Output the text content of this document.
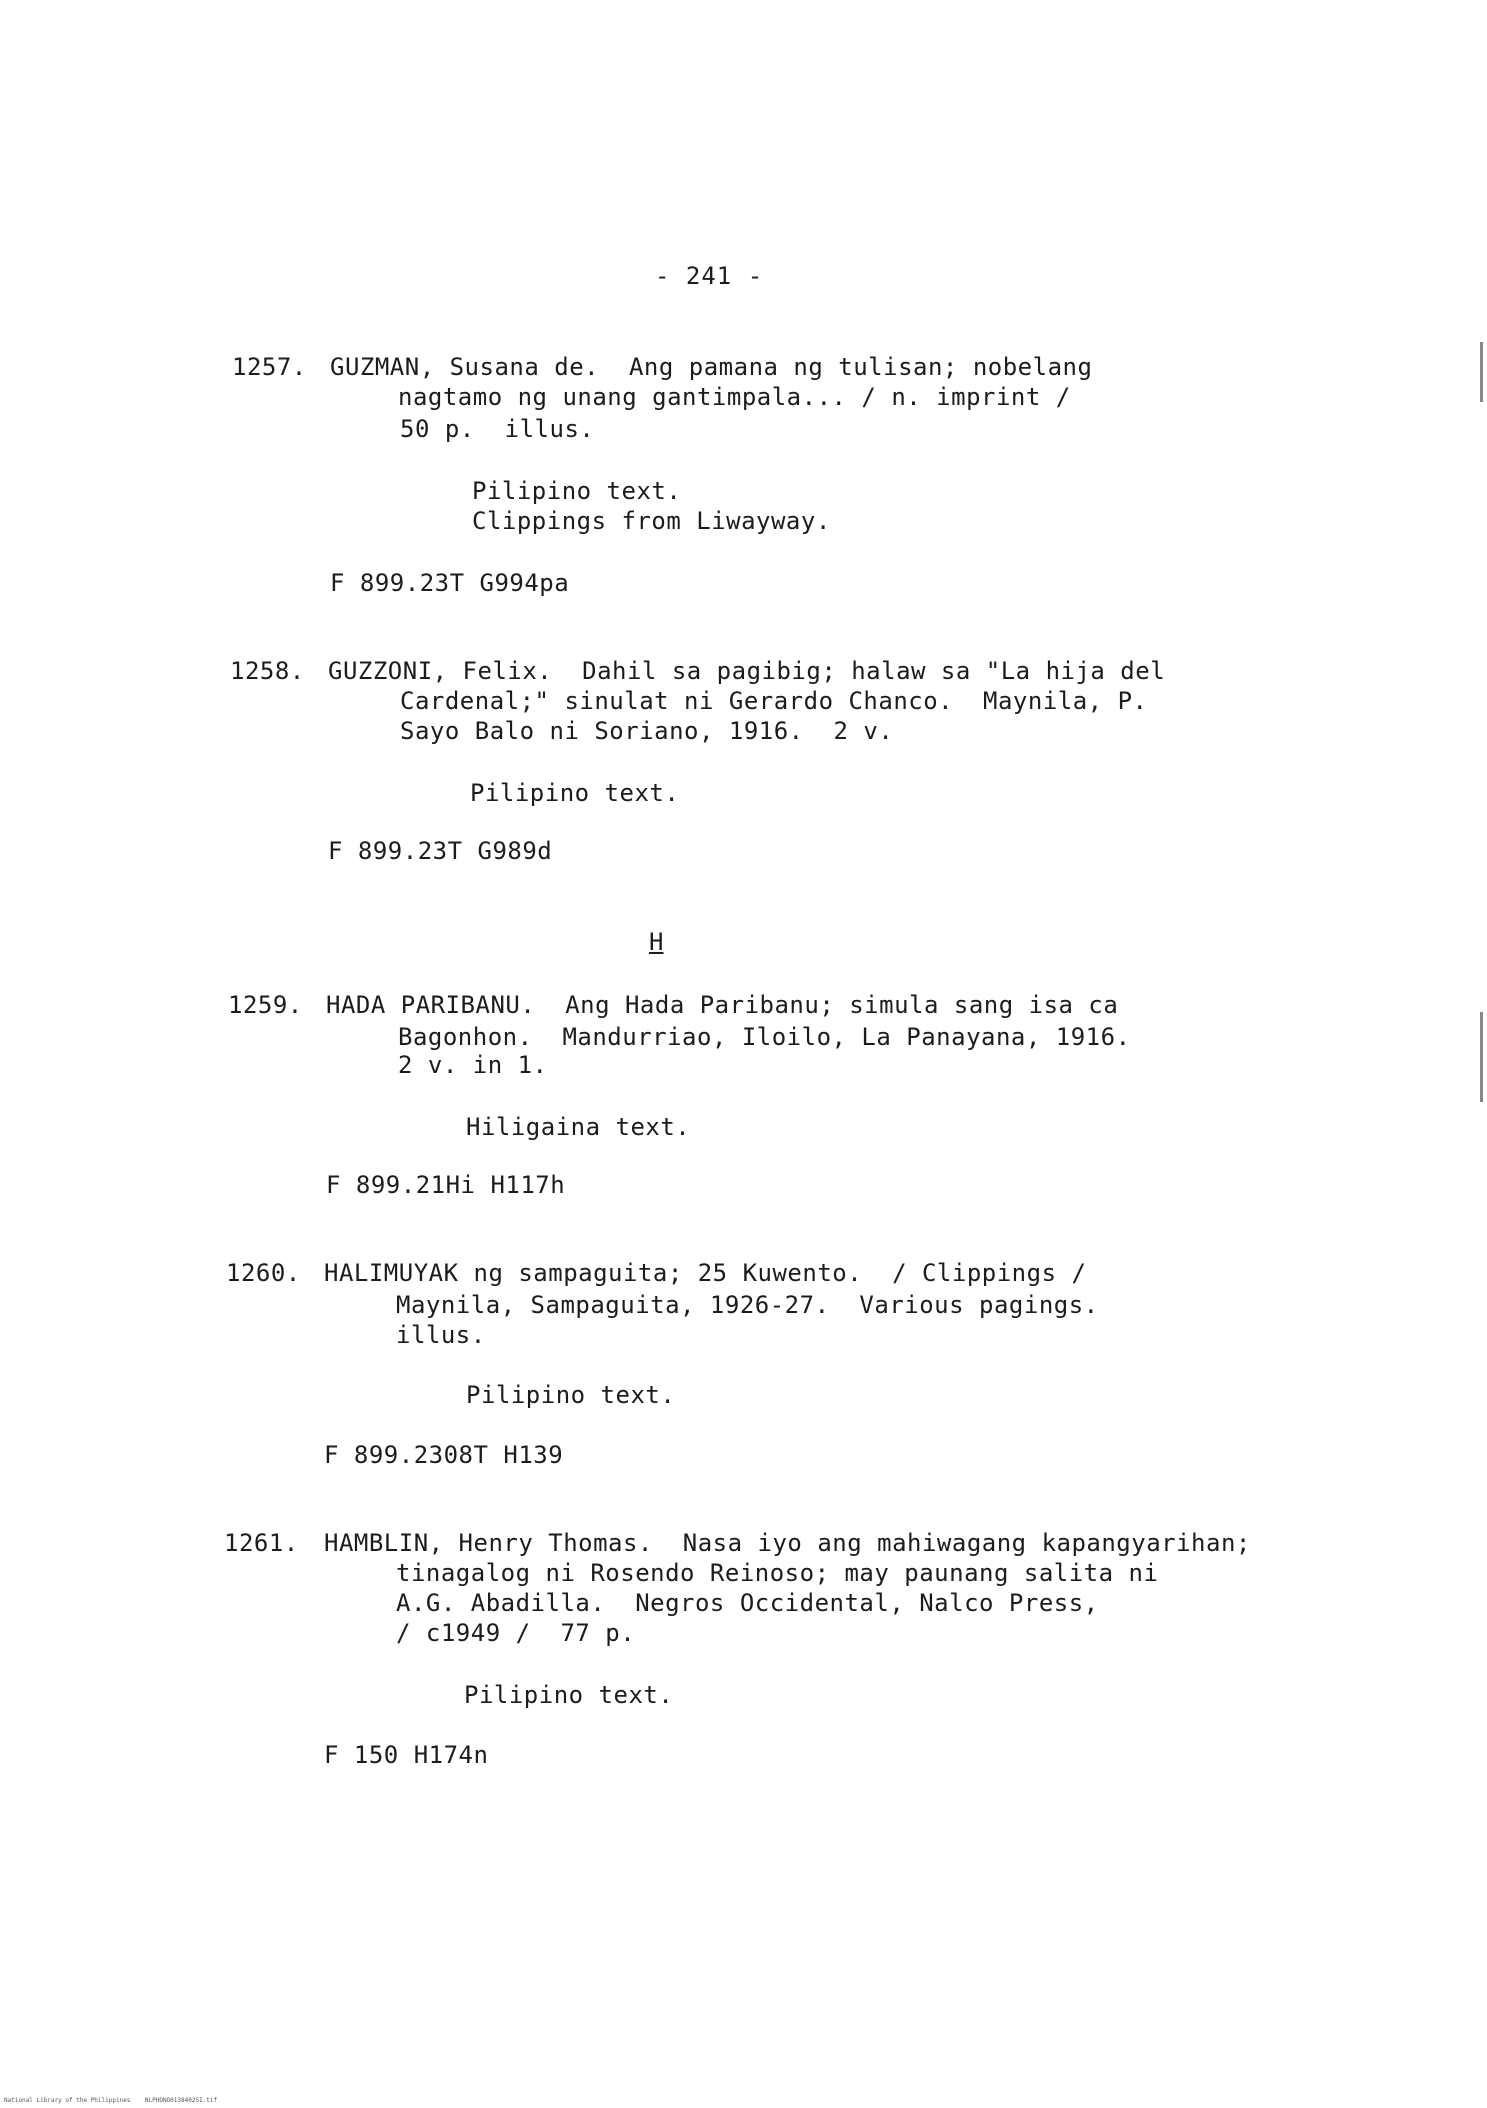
- 241 -
1257. GUZMAN, Susana de.  Ang pamana ng tulisan; nobelang
nagtamo ng unang gantimpala... ∕ n. imprint ∕
50 p.  illus.
Pilipino text.
Clippings from Liwayway.
F 899.23T G994pa
1258. GUZZONI, Felix.  Dahil sa pagibig; halaw sa "La hija del
Cardenal;" sinulat ni Gerardo Chanco.  Maynila, P.
Sayo Balo ni Soriano, 1916.  2 v.
Pilipino text.
F 899.23T G989d
H
1259. HADA PARIBANU.  Ang Hada Paribanu; simula sang isa ca
Bagonhon.  Mandurriao, Iloilo, La Panayana, 1916.
2 v. in 1.
Hiligaina text.
F 899.21Hi H117h
1260. HALIMUYAK ng sampaguita; 25 Kuwento.  ∕ Clippings ∕
Maynila, Sampaguita, 1926-27.  Various pagings.
illus.
Pilipino text.
F 899.2308T H139
1261. HAMBLIN, Henry Thomas.  Nasa iyo ang mahiwagang kapangyarihan;
tinagalog ni Rosendo Reinoso; may paunang salita ni
A.G. Abadilla.  Negros Occidental, Nalco Press,
∕ c1949 ∕  77 p.
Pilipino text.
F 150 H174n
National Library of the Philippines    NLPHDNO01384025I.tif
